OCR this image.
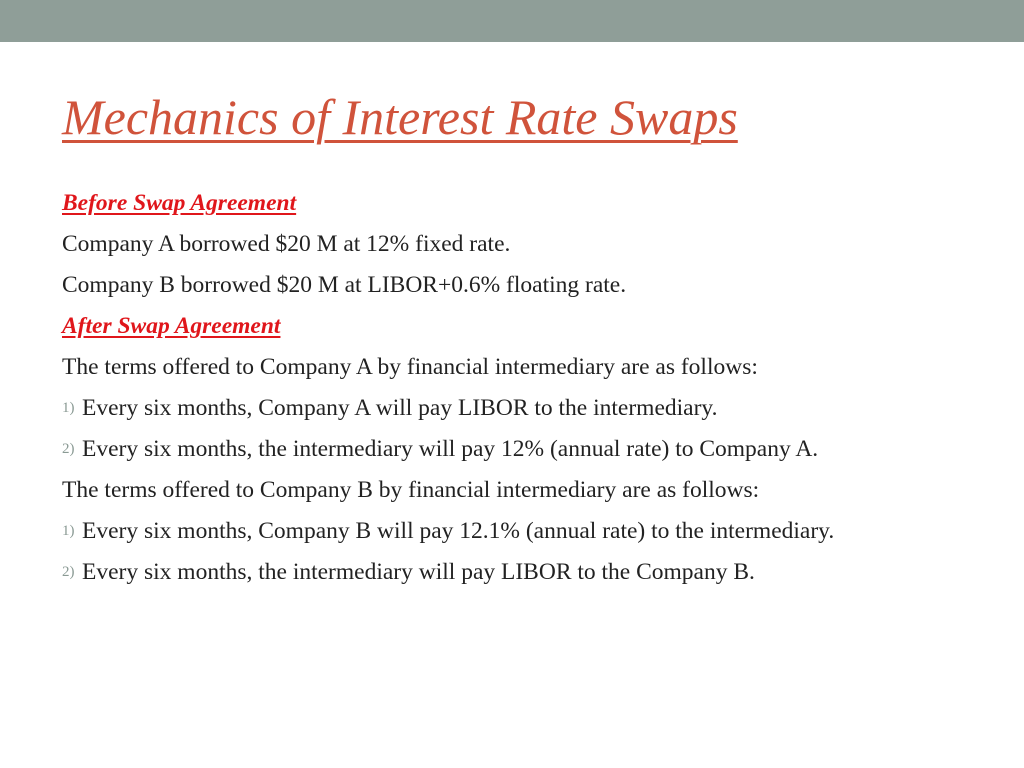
Mechanics of Interest Rate Swaps

Before Swap Agreement

Company A borrowed $20 M at 12% fixed rate.

Company B borrowed $20 M at LIBOR+0.6% floating rate.

After Swap Agreement

The terms offered to Company A by financial intermediary are as follows:

1) Every six months, Company A will pay LIBOR to the intermediary.
2) Every six months, the intermediary will pay 12% (annual rate) to Company A.

The terms offered to Company B by financial intermediary are as follows:

1) Every six months, Company B will pay 12.1% (annual rate) to the intermediary.
2) Every six months, the intermediary will pay LIBOR to the Company B.
